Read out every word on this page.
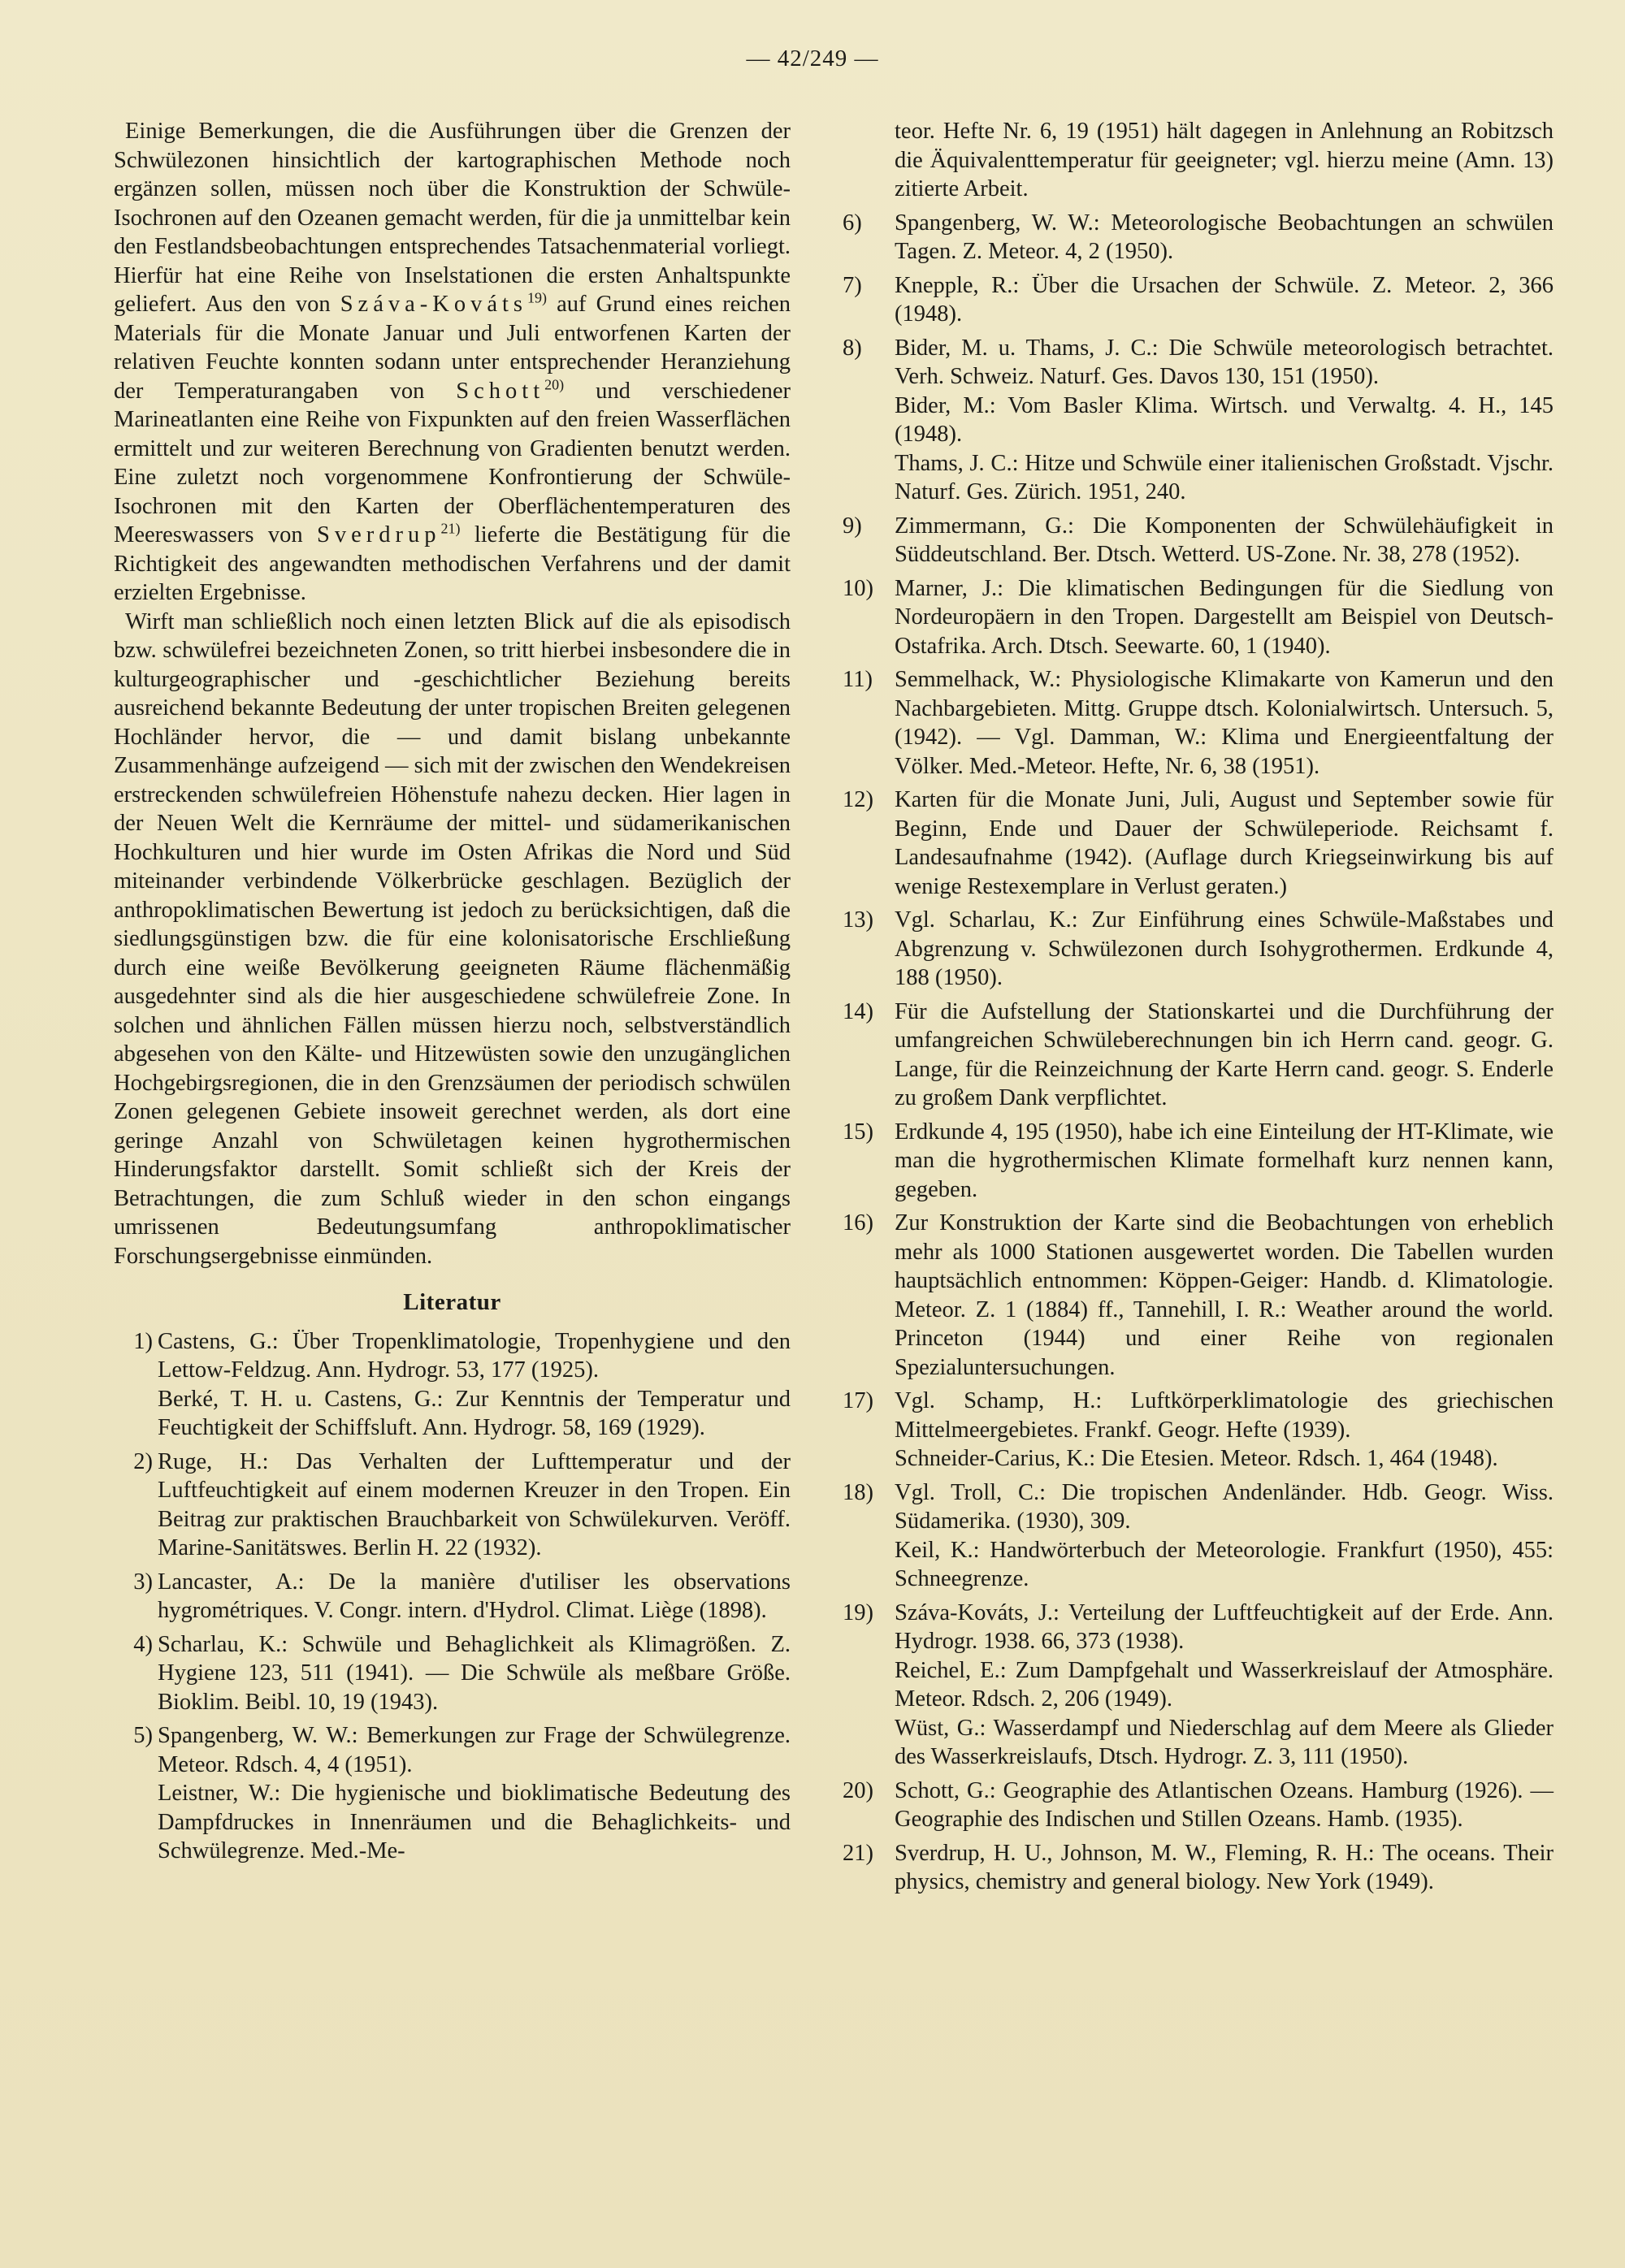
— 42/249 —

Einige Bemerkungen, die die Ausführungen über die Grenzen der Schwülezonen hinsichtlich der kartographischen Methode noch ergänzen sollen, müssen noch über die Konstruktion der Schwüle-Isochronen auf den Ozeanen gemacht werden, für die ja unmittelbar kein den Festlandsbeobachtungen entsprechendes Tatsachenmaterial vorliegt. Hierfür hat eine Reihe von Inselstationen die ersten Anhaltspunkte geliefert. Aus den von Száva-Kováts$^{19)}$ auf Grund eines reichen Materials für die Monate Januar und Juli entworfenen Karten der relativen Feuchte konnten sodann unter entsprechender Heranziehung der Temperaturangaben von Schott$^{20)}$ und verschiedener Marineatlanten eine Reihe von Fixpunkten auf den freien Wasserflächen ermittelt und zur weiteren Berechnung von Gradienten benutzt werden. Eine zuletzt noch vorgenommene Konfrontierung der Schwüle-Isochronen mit den Karten der Oberflächentemperaturen des Meereswassers von Sverdrup$^{21)}$ lieferte die Bestätigung für die Richtigkeit des angewandten methodischen Verfahrens und der damit erzielten Ergebnisse.

Wirft man schließlich noch einen letzten Blick auf die als episodisch bzw. schwülefrei bezeichneten Zonen, so tritt hierbei insbesondere die in kulturgeographischer und -geschichtlicher Beziehung bereits ausreichend bekannte Bedeutung der unter tropischen Breiten gelegenen Hochländer hervor, die — und damit bislang unbekannte Zusammenhänge aufzeigend — sich mit der zwischen den Wendekreisen erstreckenden schwülefreien Höhenstufe nahezu decken. Hier lagen in der Neuen Welt die Kernräume der mittel- und südamerikanischen Hochkulturen und hier wurde im Osten Afrikas die Nord und Süd miteinander verbindende Völkerbrücke geschlagen. Bezüglich der anthropoklimatischen Bewertung ist jedoch zu berücksichtigen, daß die siedlungsgünstigen bzw. die für eine kolonisatorische Erschließung durch eine weiße Bevölkerung geeigneten Räume flächenmäßig ausgedehnter sind als die hier ausgeschiedene schwülefreie Zone. In solchen und ähnlichen Fällen müssen hierzu noch, selbstverständlich abgesehen von den Kälte- und Hitzewüsten sowie den unzugänglichen Hochgebirgsregionen, die in den Grenzsäumen der periodisch schwülen Zonen gelegenen Gebiete insoweit gerechnet werden, als dort eine geringe Anzahl von Schwületagen keinen hygrothermischen Hinderungsfaktor darstellt. Somit schließt sich der Kreis der Betrachtungen, die zum Schluß wieder in den schon eingangs umrissenen Bedeutungsumfang anthropoklimatischer Forschungsergebnisse einmünden.

Literatur
1) Castens, G.: Über Tropenklimatologie, Tropenhygiene und den Lettow-Feldzug. Ann. Hydrogr. 53, 177 (1925).
Berké, T. H. u. Castens, G.: Zur Kenntnis der Temperatur und Feuchtigkeit der Schiffsluft. Ann. Hydrogr. 58, 169 (1929).
2) Ruge, H.: Das Verhalten der Lufttemperatur und der Luftfeuchtigkeit auf einem modernen Kreuzer in den Tropen. Ein Beitrag zur praktischen Brauchbarkeit von Schwülekurven. Veröff. Marine-Sanitätswes. Berlin H. 22 (1932).
3) Lancaster, A.: De la manière d'utiliser les observations hygrométriques. V. Congr. intern. d'Hydrol. Climat. Liège (1898).
4) Scharlau, K.: Schwüle und Behaglichkeit als Klimagrößen. Z. Hygiene 123, 511 (1941). — Die Schwüle als meßbare Größe. Bioklim. Beibl. 10, 19 (1943).
5) Spangenberg, W. W.: Bemerkungen zur Frage der Schwülegrenze. Meteor. Rdsch. 4, 4 (1951).
Leistner, W.: Die hygienische und bioklimatische Bedeutung des Dampfdruckes in Innenräumen und die Behaglichkeits- und Schwülegrenze. Med.-Me-
teor. Hefte Nr. 6, 19 (1951) hält dagegen in Anlehnung an Robitzsch die Äquivalenttemperatur für geeigneter; vgl. hierzu meine (Amn. 13) zitierte Arbeit.
6)	Spangenberg, W. W.: Meteorologische Beobachtungen an schwülen Tagen. Z. Meteor. 4, 2 (1950).
7)	Knepple, R.: Über die Ursachen der Schwüle. Z. Meteor. 2, 366 (1948).
8)	Bider, M. u. Thams, J. C.: Die Schwüle meteorologisch betrachtet. Verh. Schweiz. Naturf. Ges. Davos 130, 151 (1950).
Bider, M.: Vom Basler Klima. Wirtsch. und Verwaltg. 4. H., 145 (1948).
Thams, J. C.: Hitze und Schwüle einer italienischen Großstadt. Vjschr. Naturf. Ges. Zürich. 1951, 240.
9)	Zimmermann, G.: Die Komponenten der Schwülehäufigkeit in Süddeutschland. Ber. Dtsch. Wetterd. US-Zone. Nr. 38, 278 (1952).
10) Marner, J.: Die klimatischen Bedingungen für die Siedlung von Nordeuropäern in den Tropen. Dargestellt am Beispiel von Deutsch-Ostafrika. Arch. Dtsch. Seewarte. 60, 1 (1940).
11) Semmelhack, W.: Physiologische Klimakarte von Kamerun und den Nachbargebieten. Mittg. Gruppe dtsch. Kolonialwirtsch. Untersuch. 5, (1942). — Vgl. Damman, W.: Klima und Energieentfaltung der Völker. Med.-Meteor. Hefte, Nr. 6, 38 (1951).
12) Karten für die Monate Juni, Juli, August und September sowie für Beginn, Ende und Dauer der Schwüleperiode. Reichsamt f. Landesaufnahme (1942). (Auflage durch Kriegseinwirkung bis auf wenige Restexemplare in Verlust geraten.)
13) Vgl. Scharlau, K.: Zur Einführung eines Schwüle-Maßstabes und Abgrenzung v. Schwülezonen durch Isohygrothermen. Erdkunde 4, 188 (1950).
14) Für die Aufstellung der Stationskartei und die Durchführung der umfangreichen Schwüleberechnungen bin ich Herrn cand. geogr. G. Lange, für die Reinzeichnung der Karte Herrn cand. geogr. S. Enderle zu großem Dank verpflichtet.
15) Erdkunde 4, 195 (1950), habe ich eine Einteilung der HT-Klimate, wie man die hygrothermischen Klimate formelhaft kurz nennen kann, gegeben.
16) Zur Konstruktion der Karte sind die Beobachtungen von erheblich mehr als 1000 Stationen ausgewertet worden. Die Tabellen wurden hauptsächlich entnommen: Köppen-Geiger: Handb. d. Klimatologie. Meteor. Z. 1 (1884) ff., Tannehill, I. R.: Weather around the world. Princeton (1944) und einer Reihe von regionalen Spezialuntersuchungen.
17) Vgl. Schamp, H.: Luftkörperklimatologie des griechischen Mittelmeergebietes. Frankf. Geogr. Hefte (1939).
Schneider-Carius, K.: Die Etesien. Meteor. Rdsch. 1, 464 (1948).
18) Vgl. Troll, C.: Die tropischen Andenländer. Hdb. Geogr. Wiss. Südamerika. (1930), 309.
Keil, K.: Handwörterbuch der Meteorologie. Frankfurt (1950), 455: Schneegrenze.
19) Száva-Kováts, J.: Verteilung der Luftfeuchtigkeit auf der Erde. Ann. Hydrogr. 1938. 66, 373 (1938).
Reichel, E.: Zum Dampfgehalt und Wasserkreislauf der Atmosphäre. Meteor. Rdsch. 2, 206 (1949).
Wüst, G.: Wasserdampf und Niederschlag auf dem Meere als Glieder des Wasserkreislaufs, Dtsch. Hydrogr. Z. 3, 111 (1950).
20) Schott, G.: Geographie des Atlantischen Ozeans. Hamburg (1926). — Geographie des Indischen und Stillen Ozeans. Hamb. (1935).
21) Sverdrup, H. U., Johnson, M. W., Fleming, R. H.: The oceans. Their physics, chemistry and general biology. New York (1949).
